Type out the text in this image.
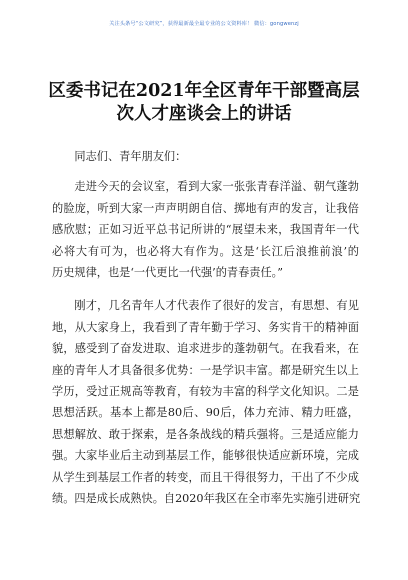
关注头条号“公文研究”，获得最新最全最专业的公文资料库！ 微信：gongwenzj
区委书记在2021年全区青年干部暨高层次人才座谈会上的讲话

同志们、青年朋友们：

走进今天的会议室，看到大家一张张青春洋溢、朝气蓬勃
的脸庞，听到大家一声声明朗自信、掷地有声的发言，让我倍
感欣慰；正如习近平总书记所讲的“展望未来，我国青年一代
必将大有可为，也必将大有作为。这是‘长江后浪推前浪’的
历史规律，也是‘一代更比一代强’的青春责任。”
刚才，几名青年人才代表作了很好的发言，有思想、有见
地，从大家身上，我看到了青年勤于学习、务实肯干的精神面
貌，感受到了奋发进取、追求进步的蓬勃朝气。在我看来，在
座的青年人才具备很多优势：一是学识丰富。都是研究生以上
学历，受过正规高等教育，有较为丰富的科学文化知识。二是
思想活跃。基本上都是80后、90后，体力充沛、精力旺盛，
思想解放、敢于探索，是各条战线的精兵强将。三是适应能力
强。大家毕业后主动到基层工作，能够很快适应新环境，完成
从学生到基层工作者的转变，而且干得很努力，干出了不少成
绩。四是成长成熟快。自2020年我区在全市率先实施引进研究
